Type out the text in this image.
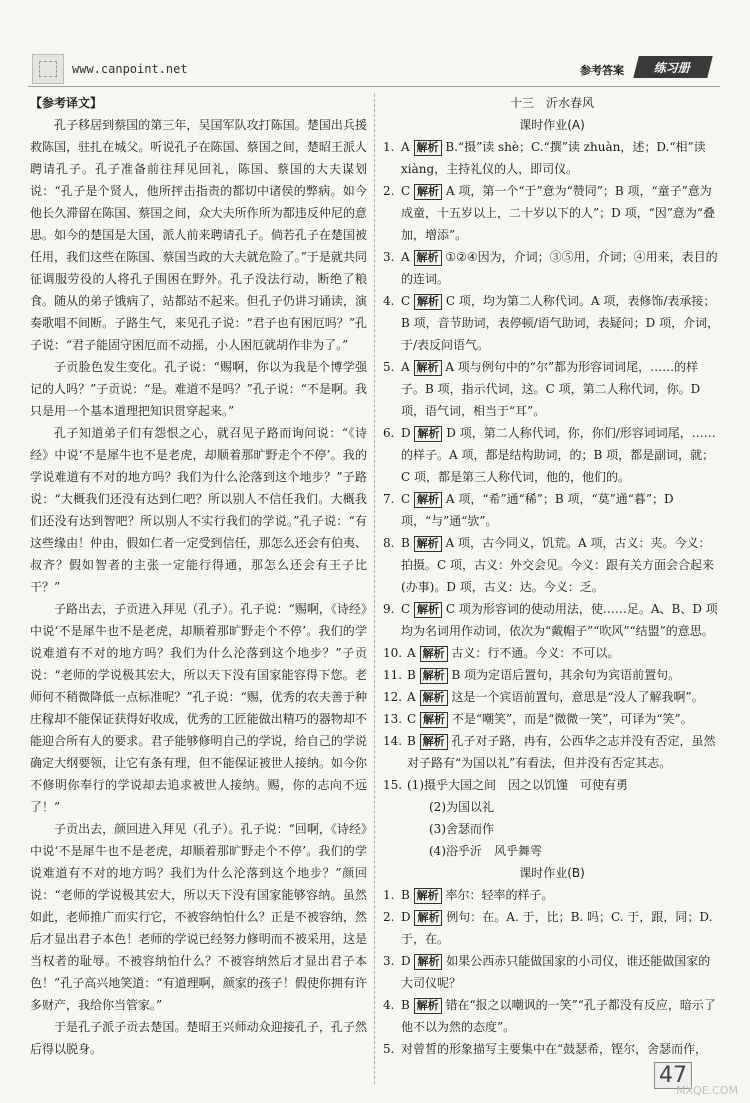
www.canpoint.net	参考答案	练习册
【参考译文】

孔子移居到蔡国的第三年，吴国军队攻打陈国。楚国出兵援救陈国，驻扎在城父。听说孔子在陈国、蔡国之间，楚昭王派人聘请孔子。孔子准备前往拜见回礼，陈国、蔡国的大夫谋划说：“孔子是个贤人，他所抨击指责的都切中诸侯的弊病。如今他长久滞留在陈国、蔡国之间，众大夫所作所为都违反仲尼的意思。如今的楚国是大国，派人前来聘请孔子。倘若孔子在楚国被任用，我们这些在陈国、蔡国当政的大夫就危险了。”于是就共同征调服劳役的人将孔子围困在野外。孔子没法行动，断绝了粮食。随从的弟子饿病了，站都站不起来。但孔子仍讲习诵读，演奏歌唱不间断。子路生气，来见孔子说：“君子也有困厄吗？”孔子说：“君子能固守困厄而不动摇，小人困厄就胡作非为了。”

子贡脸色发生变化。孔子说：“赐啊，你以为我是个博学强记的人吗？”子贡说：“是。难道不是吗？”孔子说：“不是啊。我只是用一个基本道理把知识贯穿起来。”

孔子知道弟子们有怨恨之心，就召见子路而询问说：“《诗经》中说‘不是犀牛也不是老虎，却顺着那旷野走个不停’。我的学说难道有不对的地方吗？我们为什么沦落到这个地步？”子路说：“大概我们还没有达到仁吧？所以别人不信任我们。大概我们还没有达到智吧？所以别人不实行我们的学说。”孔子说：“有这些缘由！仲由，假如仁者一定受到信任，那怎么还会有伯夷、叔齐？假如智者的主张一定能行得通，那怎么还会有王子比干？”

子路出去，子贡进入拜见（孔子）。孔子说：“赐啊，《诗经》中说‘不是犀牛也不是老虎，却顺着那旷野走个不停’。我们的学说难道有不对的地方吗？我们为什么沦落到这个地步？”子贡说：“老师的学说极其宏大，所以天下没有国家能容得下您。老师何不稍微降低一点标准呢？”孔子说：“赐，优秀的农夫善于种庄稼却不能保证获得好收成，优秀的工匠能做出精巧的器物却不能迎合所有人的要求。君子能够修明自己的学说，给自己的学说确定大纲要领，让它有条有理，但不能保证被世人接纳。如今你不修明你奉行的学说却去追求被世人接纳。赐，你的志向不远了！”

子贡出去，颜回进入拜见（孔子）。孔子说：“回啊，《诗经》中说‘不是犀牛也不是老虎，却顺着那旷野走个不停’。我们的学说难道有不对的地方吗？我们为什么沦落到这个地步？”颜回说：“老师的学说极其宏大，所以天下没有国家能够容纳。虽然如此，老师推广而实行它，不被容纳怕什么？正是不被容纳，然后才显出君子本色！老师的学说已经努力修明而不被采用，这是当权者的耻辱。不被容纳怕什么？不被容纳然后才显出君子本色！”孔子高兴地笑道：“有道理啊，颜家的孩子！假使你拥有许多财产，我给你当管家。”

于是孔子派子贡去楚国。楚昭王兴师动众迎接孔子，孔子然后得以脱身。

十三　沂水春风

课时作业(A)

1. A 解析 B.“摄”读 shè；C.“撰”读 zhuàn，述；D.“相”读 xiàng，主持礼仪的人，即司仪。

2. C 解析 A 项，第一个“于”意为“赞同”；B 项，“童子”意为成童，十五岁以上，二十岁以下的人”；D 项，“因”意为“叠加，增添”。

3. A 解析 ①②④因为，介词；③⑤用，介词；④用来，表目的的连词。

4. C 解析 C 项，均为第二人称代词。A 项，表修饰/表承接；B 项，音节助词，表停顿/语气助词，表疑问；D 项，介词，于/表反问语气。

5. A 解析 A 项与例句中的“尔”都为形容词词尾，……的样子。B 项，指示代词，这。C 项，第二人称代词，你。D 项，语气词，相当于“耳”。

6. D 解析 D 项，第二人称代词，你，你们/形容词词尾，……的样子。A 项，都是结构助词，的；B 项，都是副词，就；C 项，都是第三人称代词，他的，他们的。

7. C 解析 A 项，“希”通“稀”；B 项，“莫”通“暮”；D 项，“与”通“欤”。

8. B 解析 A 项，古今同义，饥荒。A 项，古义：夹。今义：拍摄。C 项，古义：外交会见。今义：跟有关方面会合起来(办事)。D 项，古义：达。今义：乏。

9. C 解析 C 项为形容词的使动用法，使……足。A、B、D 项均为名词用作动词，依次为“戴帽子”“吹风”“结盟”的意思。

10. A 解析 古义：行不通。今义：不可以。

11. B 解析 B 项为定语后置句，其余句为宾语前置句。

12. A 解析 这是一个宾语前置句，意思是“没人了解我啊”。

13. C 解析 不是“嘲笑”，而是“微微一笑”，可译为“笑”。

14. B 解析 孔子对子路，冉有，公西华之志并没有否定，虽然对子路有“为国以礼”有看法，但并没有否定其志。

15. (1)摄乎大国之间　因之以饥馑　可使有勇

(2)为国以礼

(3)舍瑟而作

(4)浴乎沂　风乎舞雩

课时作业(B)

1. B 解析 率尔：轻率的样子。

2. D 解析 例句：在。A. 于，比；B. 吗；C. 于，跟，同；D. 于，在。

3. D 解析 如果公西赤只能做国家的小司仪，谁还能做国家的大司仪呢？

4. B 解析 错在“报之以嘲讽的一笑”“孔子都没有反应，暗示了他不以为然的态度”。

5. 对曾皙的形象描写主要集中在“鼓瑟希，铿尔，舍瑟而作，

47
MXQE.COM
